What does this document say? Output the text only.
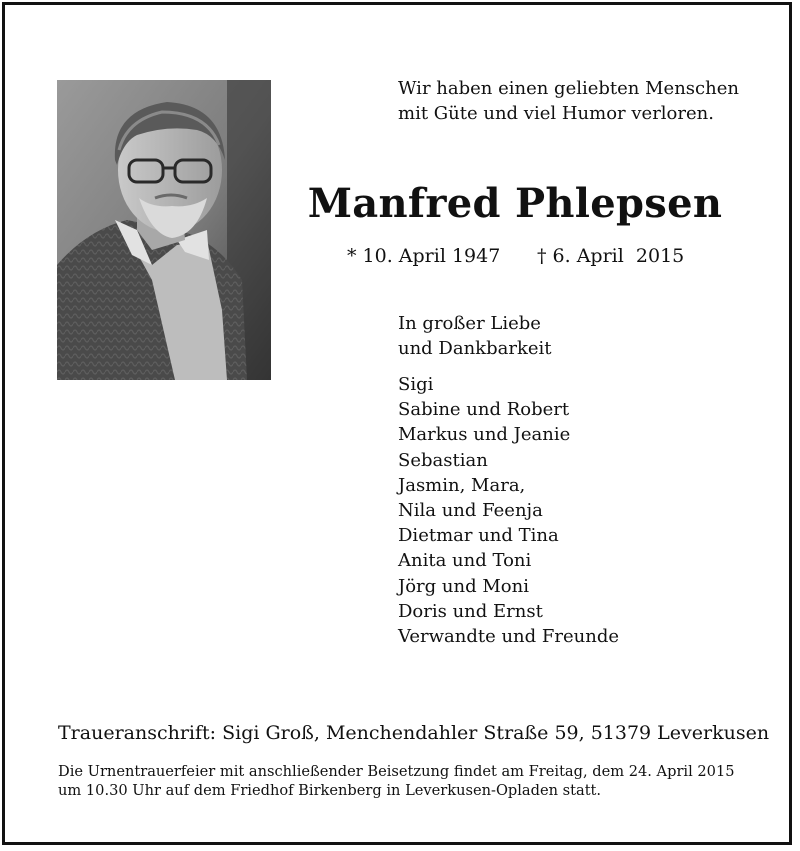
Wir haben einen geliebten Menschen
mit Güte und viel Humor verloren.
Manfred Phlepsen
* 10. April 1947 † 6. April  2015
In großer Liebe
und Dankbarkeit
Sigi
Sabine und Robert
Markus und Jeanie
Sebastian
Jasmin, Mara,
Nila und Feenja
Dietmar und Tina
Anita und Toni
Jörg und Moni
Doris und Ernst
Verwandte und Freunde
Traueranschrift: Sigi Groß, Menchendahler Straße 59, 51379 Leverkusen
Die Urnentrauerfeier mit anschließender Beisetzung findet am Freitag, dem 24. April 2015
um 10.30 Uhr auf dem Friedhof Birkenberg in Leverkusen-Opladen statt.
